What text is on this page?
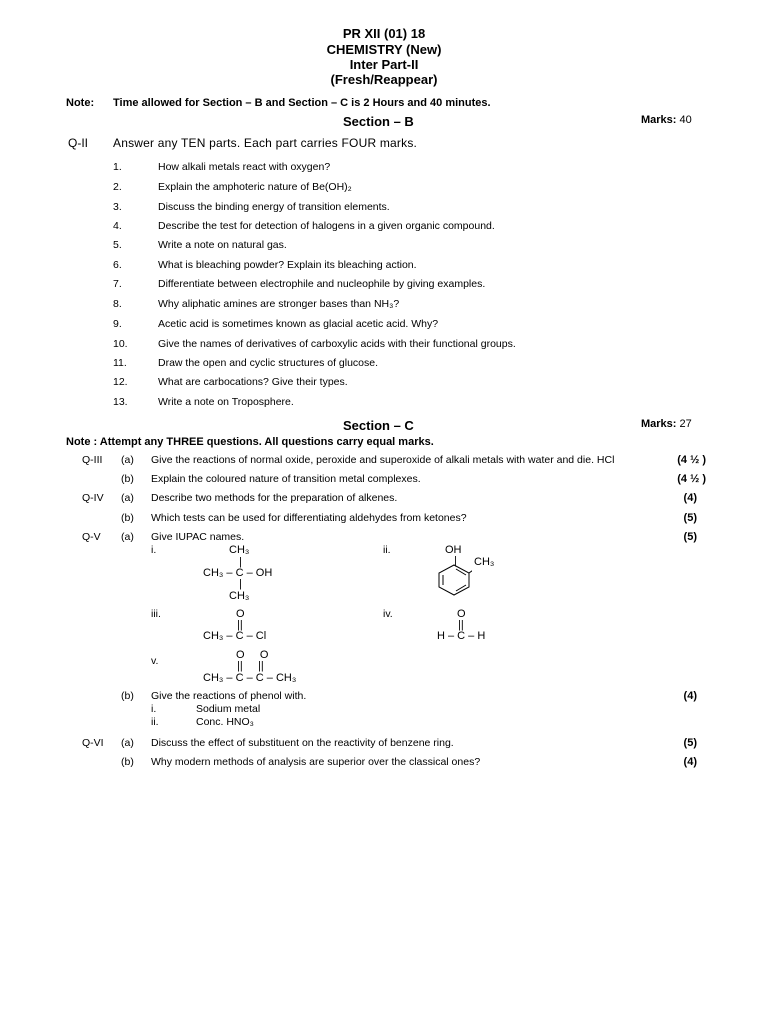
PR XII (01) 18
CHEMISTRY (New)
Inter Part-II
(Fresh/Reappear)
Note: Time allowed for Section – B and Section – C is 2 Hours and 40 minutes.
Section – B	Marks: 40
Q-II Answer any TEN parts. Each part carries FOUR marks.
1.	How alkali metals react with oxygen?
2.	Explain the amphoteric nature of Be(OH)₂
3.	Discuss the binding energy of transition elements.
4.	Describe the test for detection of halogens in a given organic compound.
5.	Write a note on natural gas.
6.	What is bleaching powder? Explain its bleaching action.
7.	Differentiate between electrophile and nucleophile by giving examples.
8.	Why aliphatic amines are stronger bases than NH₃?
9.	Acetic acid is sometimes known as glacial acetic acid. Why?
10.	Give the names of derivatives of carboxylic acids with their functional groups.
11.	Draw the open and cyclic structures of glucose.
12.	What are carbocations? Give their types.
13.	Write a note on Troposphere.
Section – C	Marks: 27
Note : Attempt any THREE questions. All questions carry equal marks.
Q-III (a) Give the reactions of normal oxide, peroxide and superoxide of alkali metals with water and die. HCl	(4 ½ )
(b) Explain the coloured nature of transition metal complexes.	(4 ½ )
Q-IV (a) Describe two methods for the preparation of alkenes.	(4)
(b) Which tests can be used for differentiating aldehydes from ketones?	(5)
Q-V (a) Give IUPAC names.	(5)
i.	CH₃
|
CH₃ – C – OH
|
CH₃
ii.	OH
| CH₃
iii.	O
||
CH₃ – C – Cl
iv.	O
||
H – C – H
v.	O     O
||     ||
CH₃ – C – C – CH₃
(b) Give the reactions of phenol with.	(4)
i.	Sodium metal
ii.	Conc. HNO₃
Q-VI (a) Discuss the effect of substituent on the reactivity of benzene ring.	(5)
(b) Why modern methods of analysis are superior over the classical ones?	(4)
